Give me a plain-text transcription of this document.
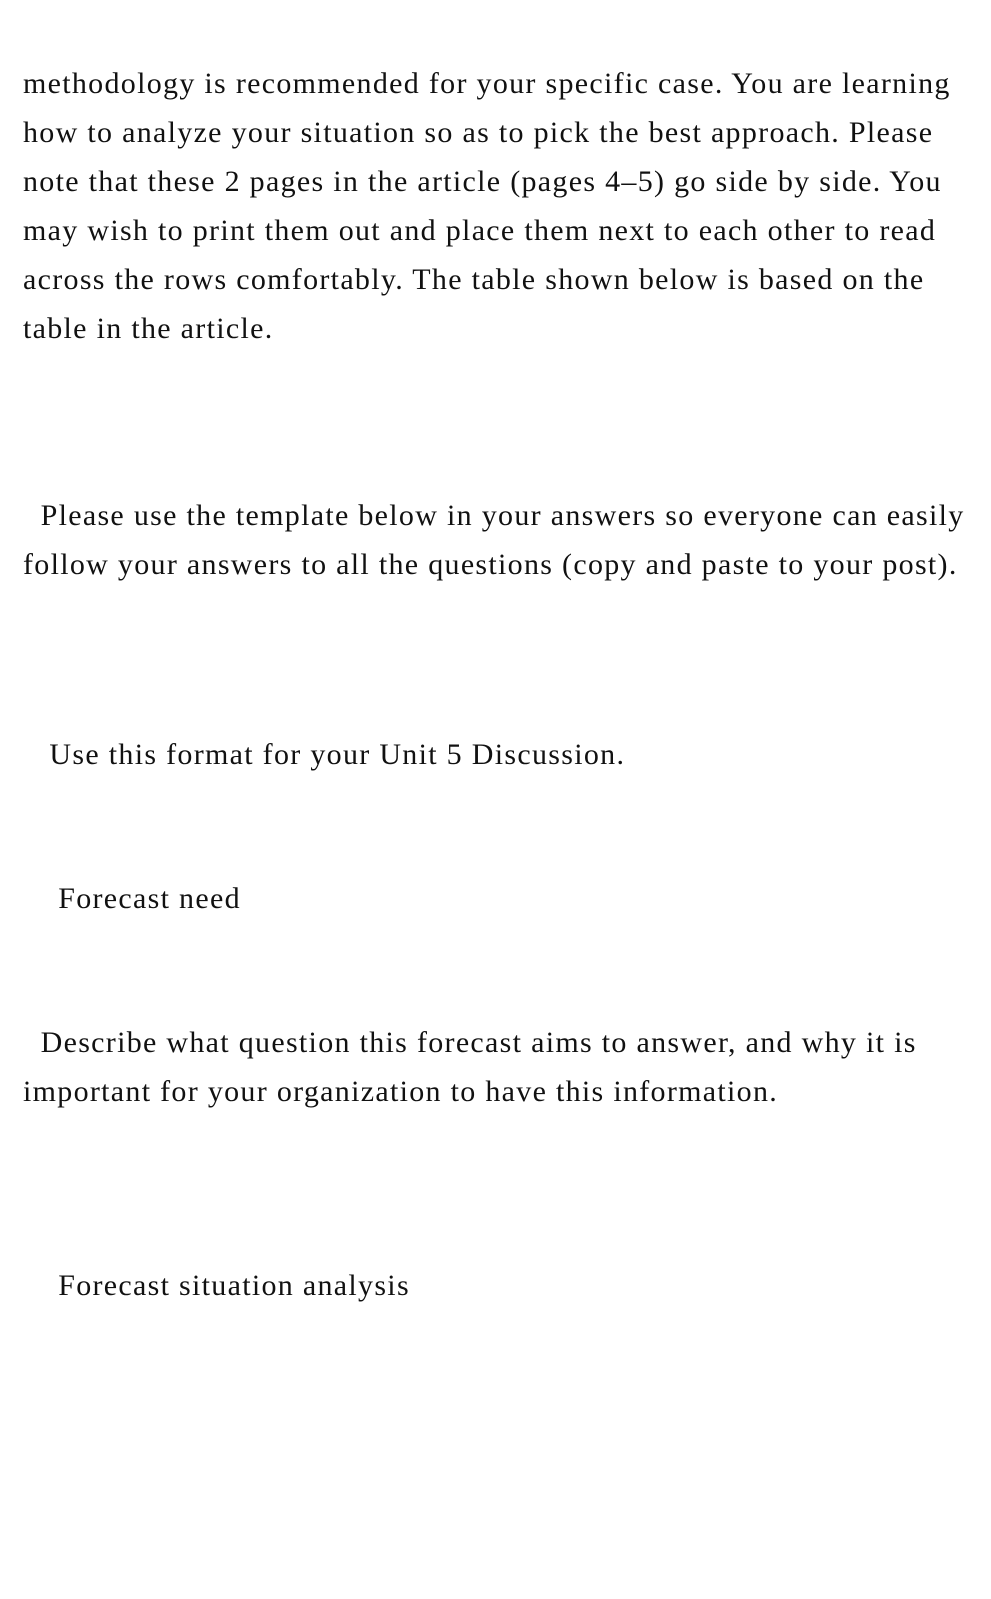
methodology is recommended for your specific case. You are learning how to analyze your situation so as to pick the best approach. Please note that these 2 pages in the article (pages 4–5) go side by side. You may wish to print them out and place them next to each other to read across the rows comfortably. The table shown below is based on the table in the article.

Please use the template below in your answers so everyone can easily follow your answers to all the questions (copy and paste to your post).

Use this format for your Unit 5 Discussion.

Forecast need

Describe what question this forecast aims to answer, and why it is important for your organization to have this information.

Forecast situation analysis
